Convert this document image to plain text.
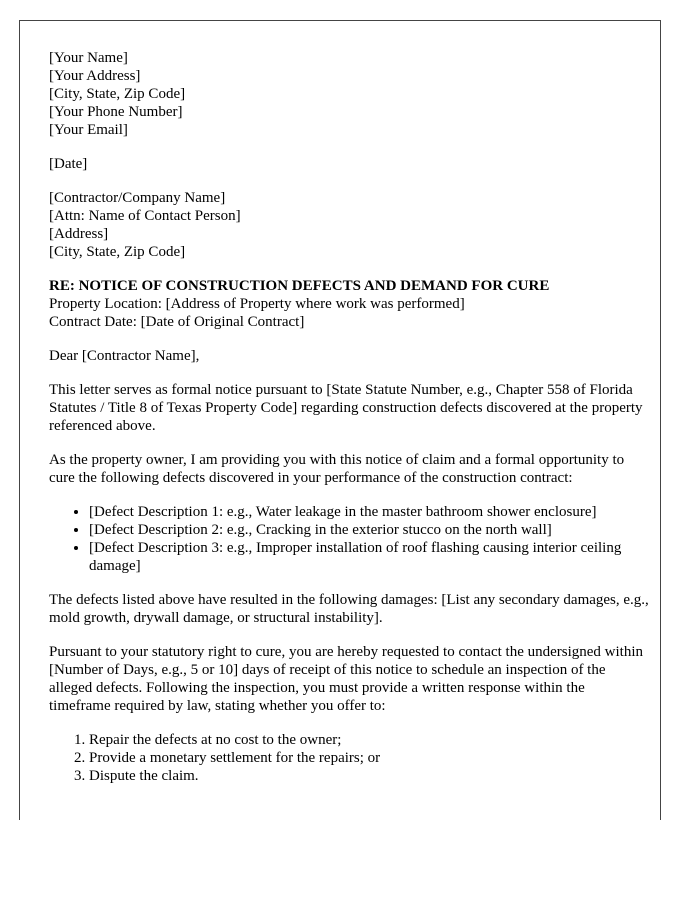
[Your Name]
[Your Address]
[City, State, Zip Code]
[Your Phone Number]
[Your Email]
[Date]
[Contractor/Company Name]
[Attn: Name of Contact Person]
[Address]
[City, State, Zip Code]
RE: NOTICE OF CONSTRUCTION DEFECTS AND DEMAND FOR CURE
Property Location: [Address of Property where work was performed]
Contract Date: [Date of Original Contract]

Dear [Contractor Name],

This letter serves as formal notice pursuant to [State Statute Number, e.g., Chapter 558 of Florida Statutes / Title 8 of Texas Property Code] regarding construction defects discovered at the property referenced above.

As the property owner, I am providing you with this notice of claim and a formal opportunity to cure the following defects discovered in your performance of the construction contract:

• [Defect Description 1: e.g., Water leakage in the master bathroom shower enclosure]
• [Defect Description 2: e.g., Cracking in the exterior stucco on the north wall]
• [Defect Description 3: e.g., Improper installation of roof flashing causing interior ceiling damage]

The defects listed above have resulted in the following damages: [List any secondary damages, e.g., mold growth, drywall damage, or structural instability].

Pursuant to your statutory right to cure, you are hereby requested to contact the undersigned within [Number of Days, e.g., 5 or 10] days of receipt of this notice to schedule an inspection of the alleged defects. Following the inspection, you must provide a written response within the timeframe required by law, stating whether you offer to:

1. Repair the defects at no cost to the owner;
2. Provide a monetary settlement for the repairs; or
3. Dispute the claim.
